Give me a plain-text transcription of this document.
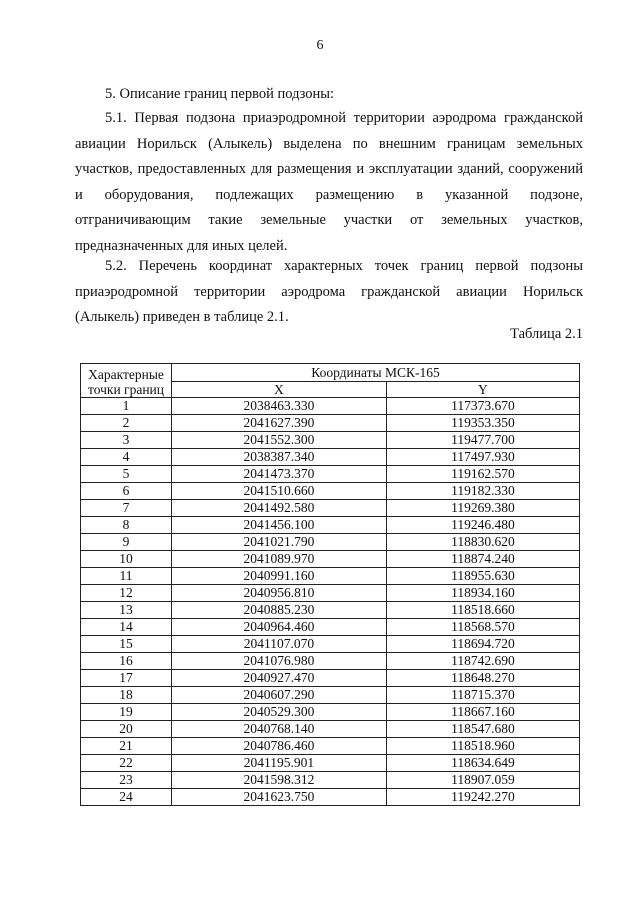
6
5. Описание границ первой подзоны:
5.1. Первая подзона приаэродромной территории аэродрома гражданской авиации Норильск (Алыкель) выделена по внешним границам земельных участков, предоставленных для размещения и эксплуатации зданий, сооружений и оборудования, подлежащих размещению в указанной подзоне, отграничивающим такие земельные участки от земельных участков, предназначенных для иных целей.
5.2. Перечень координат характерных точек границ первой подзоны приаэродромной территории аэродрома гражданской авиации Норильск (Алыкель) приведен в таблице 2.1.
Таблица 2.1
Характерные
точки границ	Координаты МСК-165	
	X	Y
1	2038463.330	117373.670
2	2041627.390	119353.350
3	2041552.300	119477.700
4	2038387.340	117497.930
5	2041473.370	119162.570
6	2041510.660	119182.330
7	2041492.580	119269.380
8	2041456.100	119246.480
9	2041021.790	118830.620
10	2041089.970	118874.240
11	2040991.160	118955.630
12	2040956.810	118934.160
13	2040885.230	118518.660
14	2040964.460	118568.570
15	2041107.070	118694.720
16	2041076.980	118742.690
17	2040927.470	118648.270
18	2040607.290	118715.370
19	2040529.300	118667.160
20	2040768.140	118547.680
21	2040786.460	118518.960
22	2041195.901	118634.649
23	2041598.312	118907.059
24	2041623.750	119242.270
